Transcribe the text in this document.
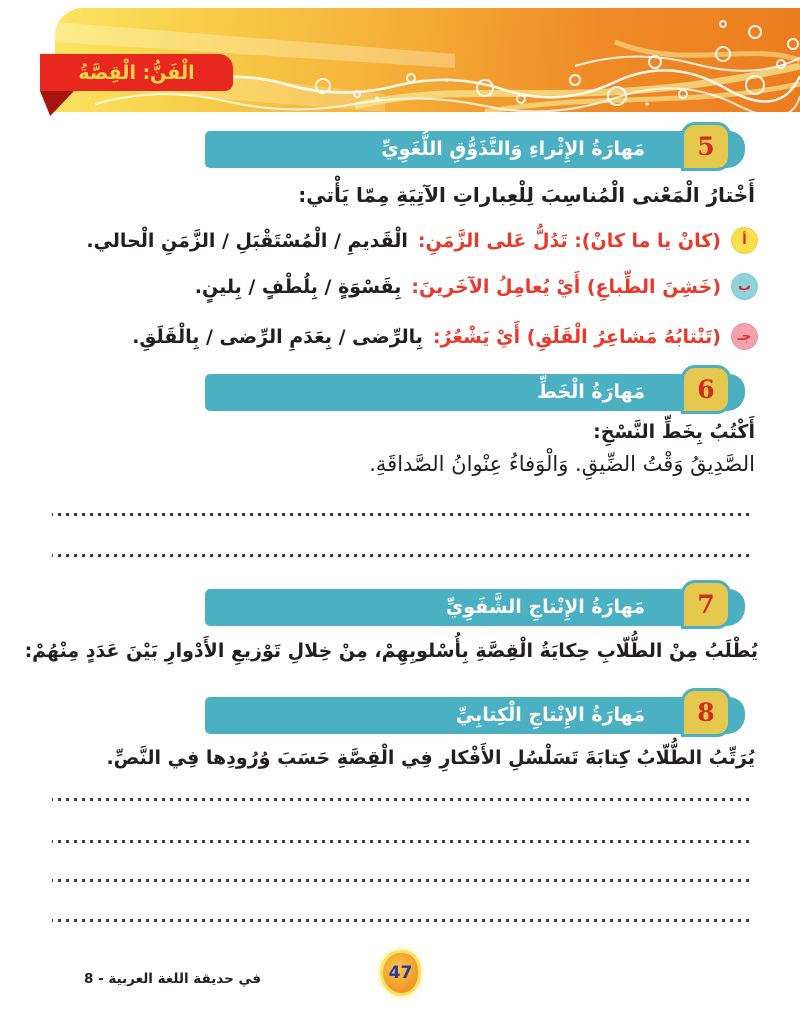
الْفَنُّ: الْقِصَّةُ
مَهارَةُ الإِثْراءِ وَالتَّذَوُّقِ اللُّغَوِيِّ 5
أَخْتارُ الْمَعْنى الْمُناسِبَ لِلْعِباراتِ الآتِيَةِ مِمّا يَأْتي:
أ
(كانْ يا ما كانْ): تَدُلُّ عَلى الزَّمَنِ:
الْقَديمِ / الْمُسْتَقْبَلِ / الزَّمَنِ الْحالي.
ب
(خَشِنَ الطِّباعِ) أَيْ يُعامِلُ الآخَرينَ:
بِقَسْوَةٍ / بِلُطْفٍ / بِلينٍ.
جـ
(تَنْتابُهُ مَشاعِرُ الْقَلَقِ) أَيْ يَشْعُرُ:
بِالرِّضى / بِعَدَمِ الرِّضى / بِالْقَلَقِ.
مَهارَةُ الْخَطِّ 6
أَكْتُبُ بِخَطِّ النَّسْخِ:
الصَّدِيقُ وَقْتُ الضِّيقِ. وَالْوَفاءُ عِنْوانُ الصَّداقَةِ.
مَهارَةُ الإِنْتاجِ الشَّفَوِيِّ 7
يُطْلَبُ مِنْ الطُّلّابِ حِكايَةُ الْقِصَّةِ بِأُسْلوبِهِمْ، مِنْ خِلالِ تَوْزيعِ الأَدْوارِ بَيْنَ عَدَدٍ مِنْهُمْ:
مَهارَةُ الإِنْتاجِ الْكِتابِيِّ 8
يُرَتِّبُ الطُّلّابُ كِتابَةَ تَسَلْسُلِ الأَفْكارِ فِي الْقِصَّةِ حَسَبَ وُرُودِها فِي النَّصِّ.
في حديقة اللغة العربية - 8	47
